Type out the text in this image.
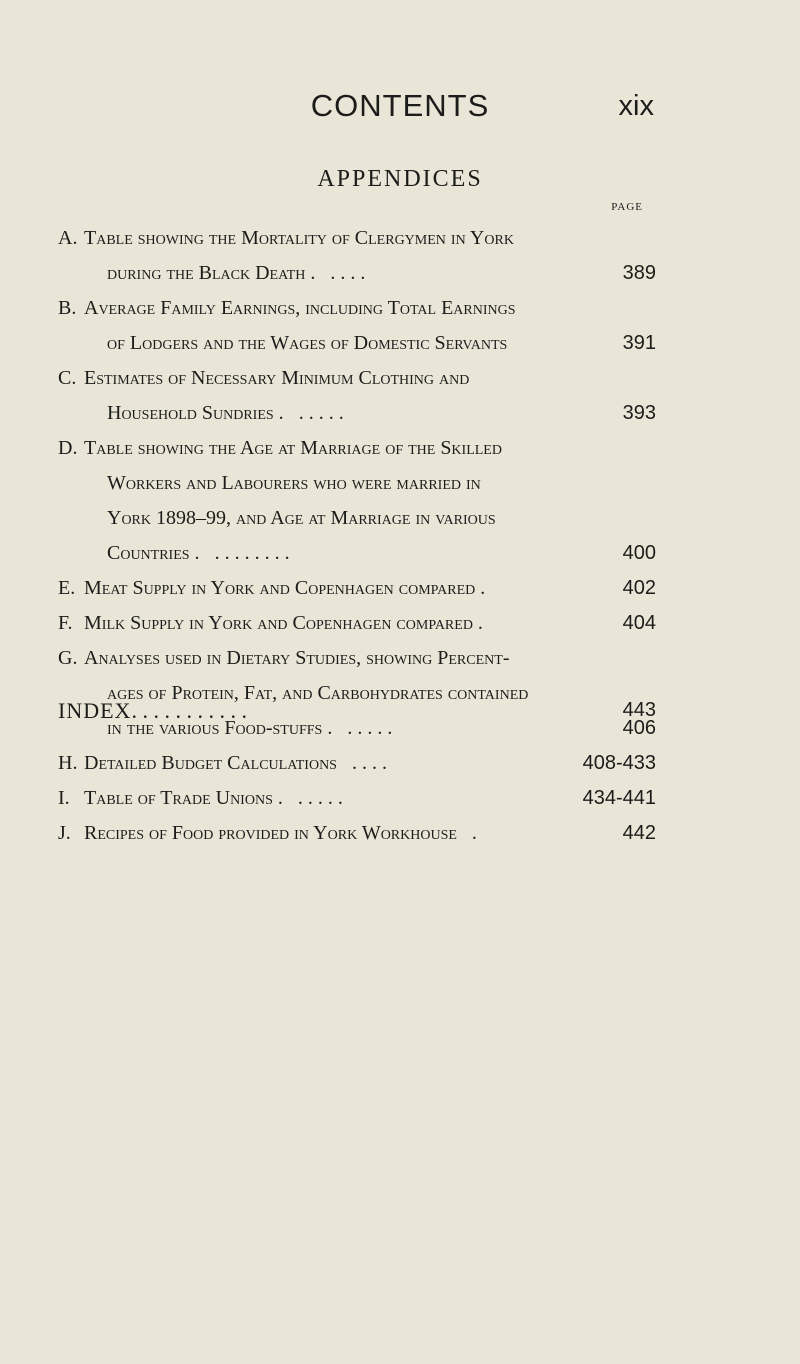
CONTENTS	xix
APPENDICES
PAGE
A. Table showing the Mortality of Clergymen in York
during the Black Death . . . . .	389
B. Average Family Earnings, including Total Earnings
of Lodgers and the Wages of Domestic Servants	391
C. Estimates of Necessary Minimum Clothing and
Household Sundries . . . . . .	393
D. Table showing the Age at Marriage of the Skilled
Workers and Labourers who were married in
York 1898–99, and Age at Marriage in various
Countries . . . . . . . . .	400
E. Meat Supply in York and Copenhagen compared .	402
F. Milk Supply in York and Copenhagen compared .	404
G. Analyses used in Dietary Studies, showing Percent-
ages of Protein, Fat, and Carbohydrates contained
in the various Food-stuffs . . . . . .	406
H. Detailed Budget Calculations . . . .	408-433
I. Table of Trade Unions . . . . . .	434-441
J. Recipes of Food provided in York Workhouse .	442
INDEX. . . . . . . . . . .	443
